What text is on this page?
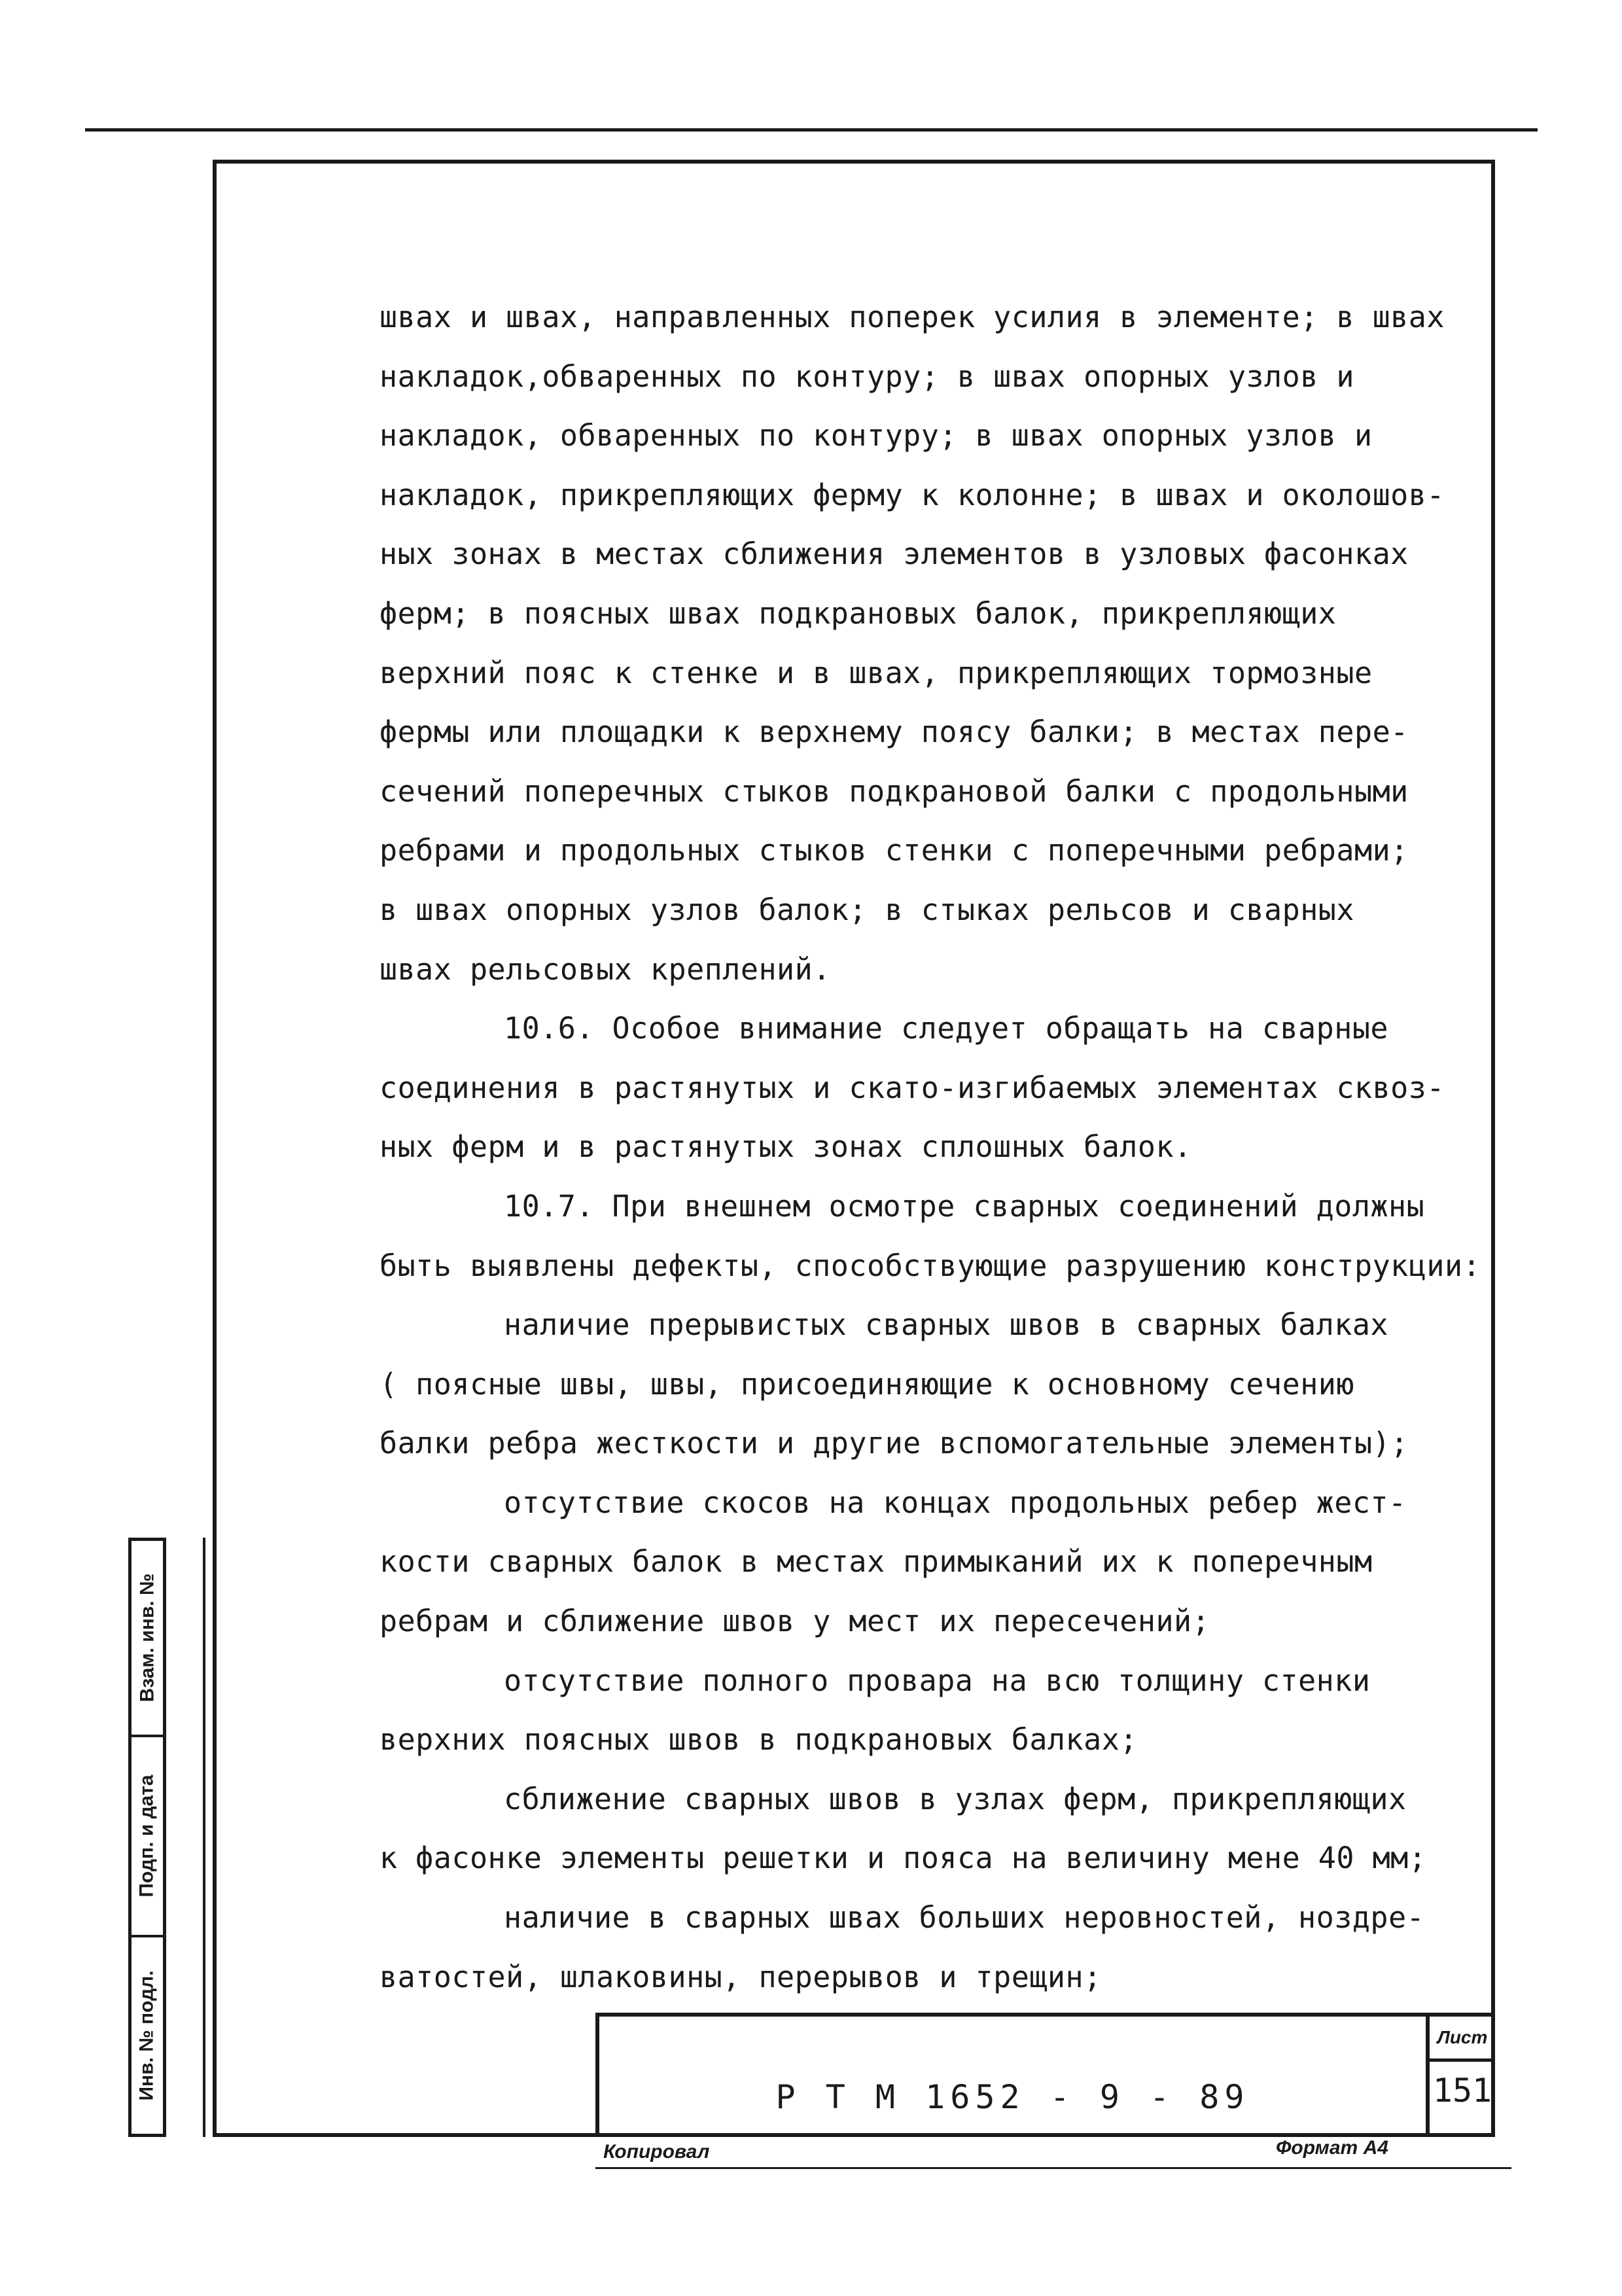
швах и швах, направленных поперек усилия в элементе; в швах
накладок,обваренных по контуру; в швах опорных узлов и
накладок, обваренных по контуру; в швах опорных узлов и
накладок, прикрепляющих ферму к колонне; в швах и околошов-
ных зонах в местах сближения элементов в узловых фасонках
ферм; в поясных швах подкрановых балок, прикрепляющих
верхний пояс к стенке и в швах, прикрепляющих тормозные
фермы или площадки к верхнему поясу балки; в местах пере-
сечений поперечных стыков подкрановой балки с продольными
ребрами и продольных стыков стенки с поперечными ребрами;
в швах опорных узлов балок; в стыках рельсов и сварных
швах рельсовых креплений.
10.6. Особое внимание следует обращать на сварные
соединения в растянутых и скато-изгибаемых элементах сквоз-
ных ферм и в растянутых зонах сплошных балок.
10.7. При внешнем осмотре сварных соединений должны
быть выявлены дефекты, способствующие разрушению конструкции:
наличие прерывистых сварных швов в сварных балках
( поясные швы, швы, присоединяющие к основному сечению
балки ребра жесткости и другие вспомогательные элементы);
отсутствие скосов на концах продольных ребер жест-
кости сварных балок в местах примыканий их к поперечным
ребрам и сближение швов у мест их пересечений;
отсутствие полного провара на всю толщину стенки
верхних поясных швов в подкрановых балках;
сближение сварных швов в узлах ферм, прикрепляющих
к фасонке элементы решетки и пояса на величину мене 40 мм;
наличие в сварных швах больших неровностей, ноздре-
ватостей, шлаковины, перерывов и трещин;
Взам. инв. №
Подп. и дата
Инв. № подл.	Р Т М 1652 - 9 - 89
Лист
151
Копировал	Формат А4
